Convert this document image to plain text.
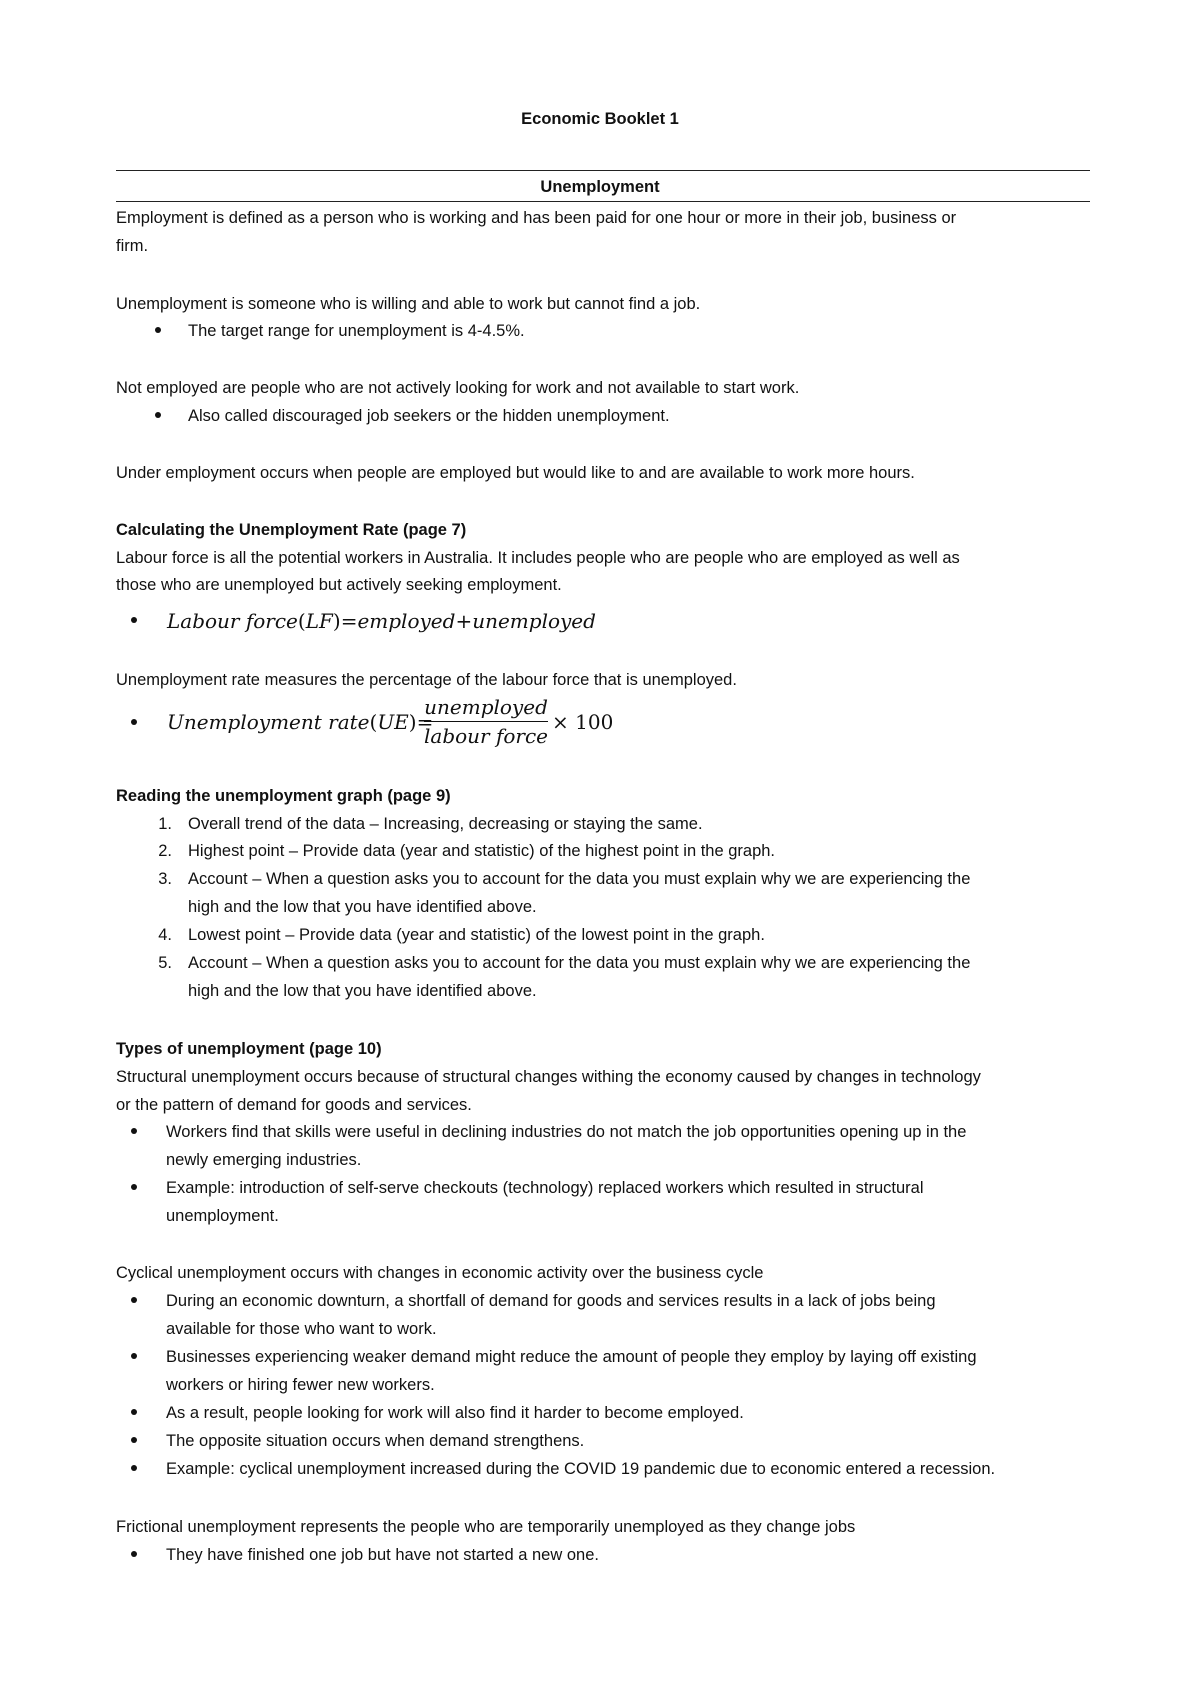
Economic Booklet 1
Unemployment
Employment is defined as a person who is working and has been paid for one hour or more in their job, business or
firm.
Unemployment is someone who is willing and able to work but cannot find a job.
The target range for unemployment is 4-4.5%.
Not employed are people who are not actively looking for work and not available to start work.
Also called discouraged job seekers or the hidden unemployment.
Under employment occurs when people are employed but would like to and are available to work more hours.
Calculating the Unemployment Rate (page 7)
Labour force is all the potential workers in Australia. It includes people who are people who are employed as well as
those who are unemployed but actively seeking employment.
Labour force(LF)=employed+unemployed
Unemployment rate measures the percentage of the labour force that is unemployed.
Unemployment rate(UE)=
unemployed
labour force
× 100
Reading the unemployment graph (page 9)
1. Overall trend of the data – Increasing, decreasing or staying the same.
2. Highest point – Provide data (year and statistic) of the highest point in the graph.
3. Account – When a question asks you to account for the data you must explain why we are experiencing the
high and the low that you have identified above.
4. Lowest point – Provide data (year and statistic) of the lowest point in the graph.
5. Account – When a question asks you to account for the data you must explain why we are experiencing the
high and the low that you have identified above.
Types of unemployment (page 10)
Structural unemployment occurs because of structural changes withing the economy caused by changes in technology
or the pattern of demand for goods and services.
Workers find that skills were useful in declining industries do not match the job opportunities opening up in the
newly emerging industries.
Example: introduction of self-serve checkouts (technology) replaced workers which resulted in structural
unemployment.
Cyclical unemployment occurs with changes in economic activity over the business cycle
During an economic downturn, a shortfall of demand for goods and services results in a lack of jobs being
available for those who want to work.
Businesses experiencing weaker demand might reduce the amount of people they employ by laying off existing
workers or hiring fewer new workers.
As a result, people looking for work will also find it harder to become employed.
The opposite situation occurs when demand strengthens.
Example: cyclical unemployment increased during the COVID 19 pandemic due to economic entered a recession.
Frictional unemployment represents the people who are temporarily unemployed as they change jobs
They have finished one job but have not started a new one.
